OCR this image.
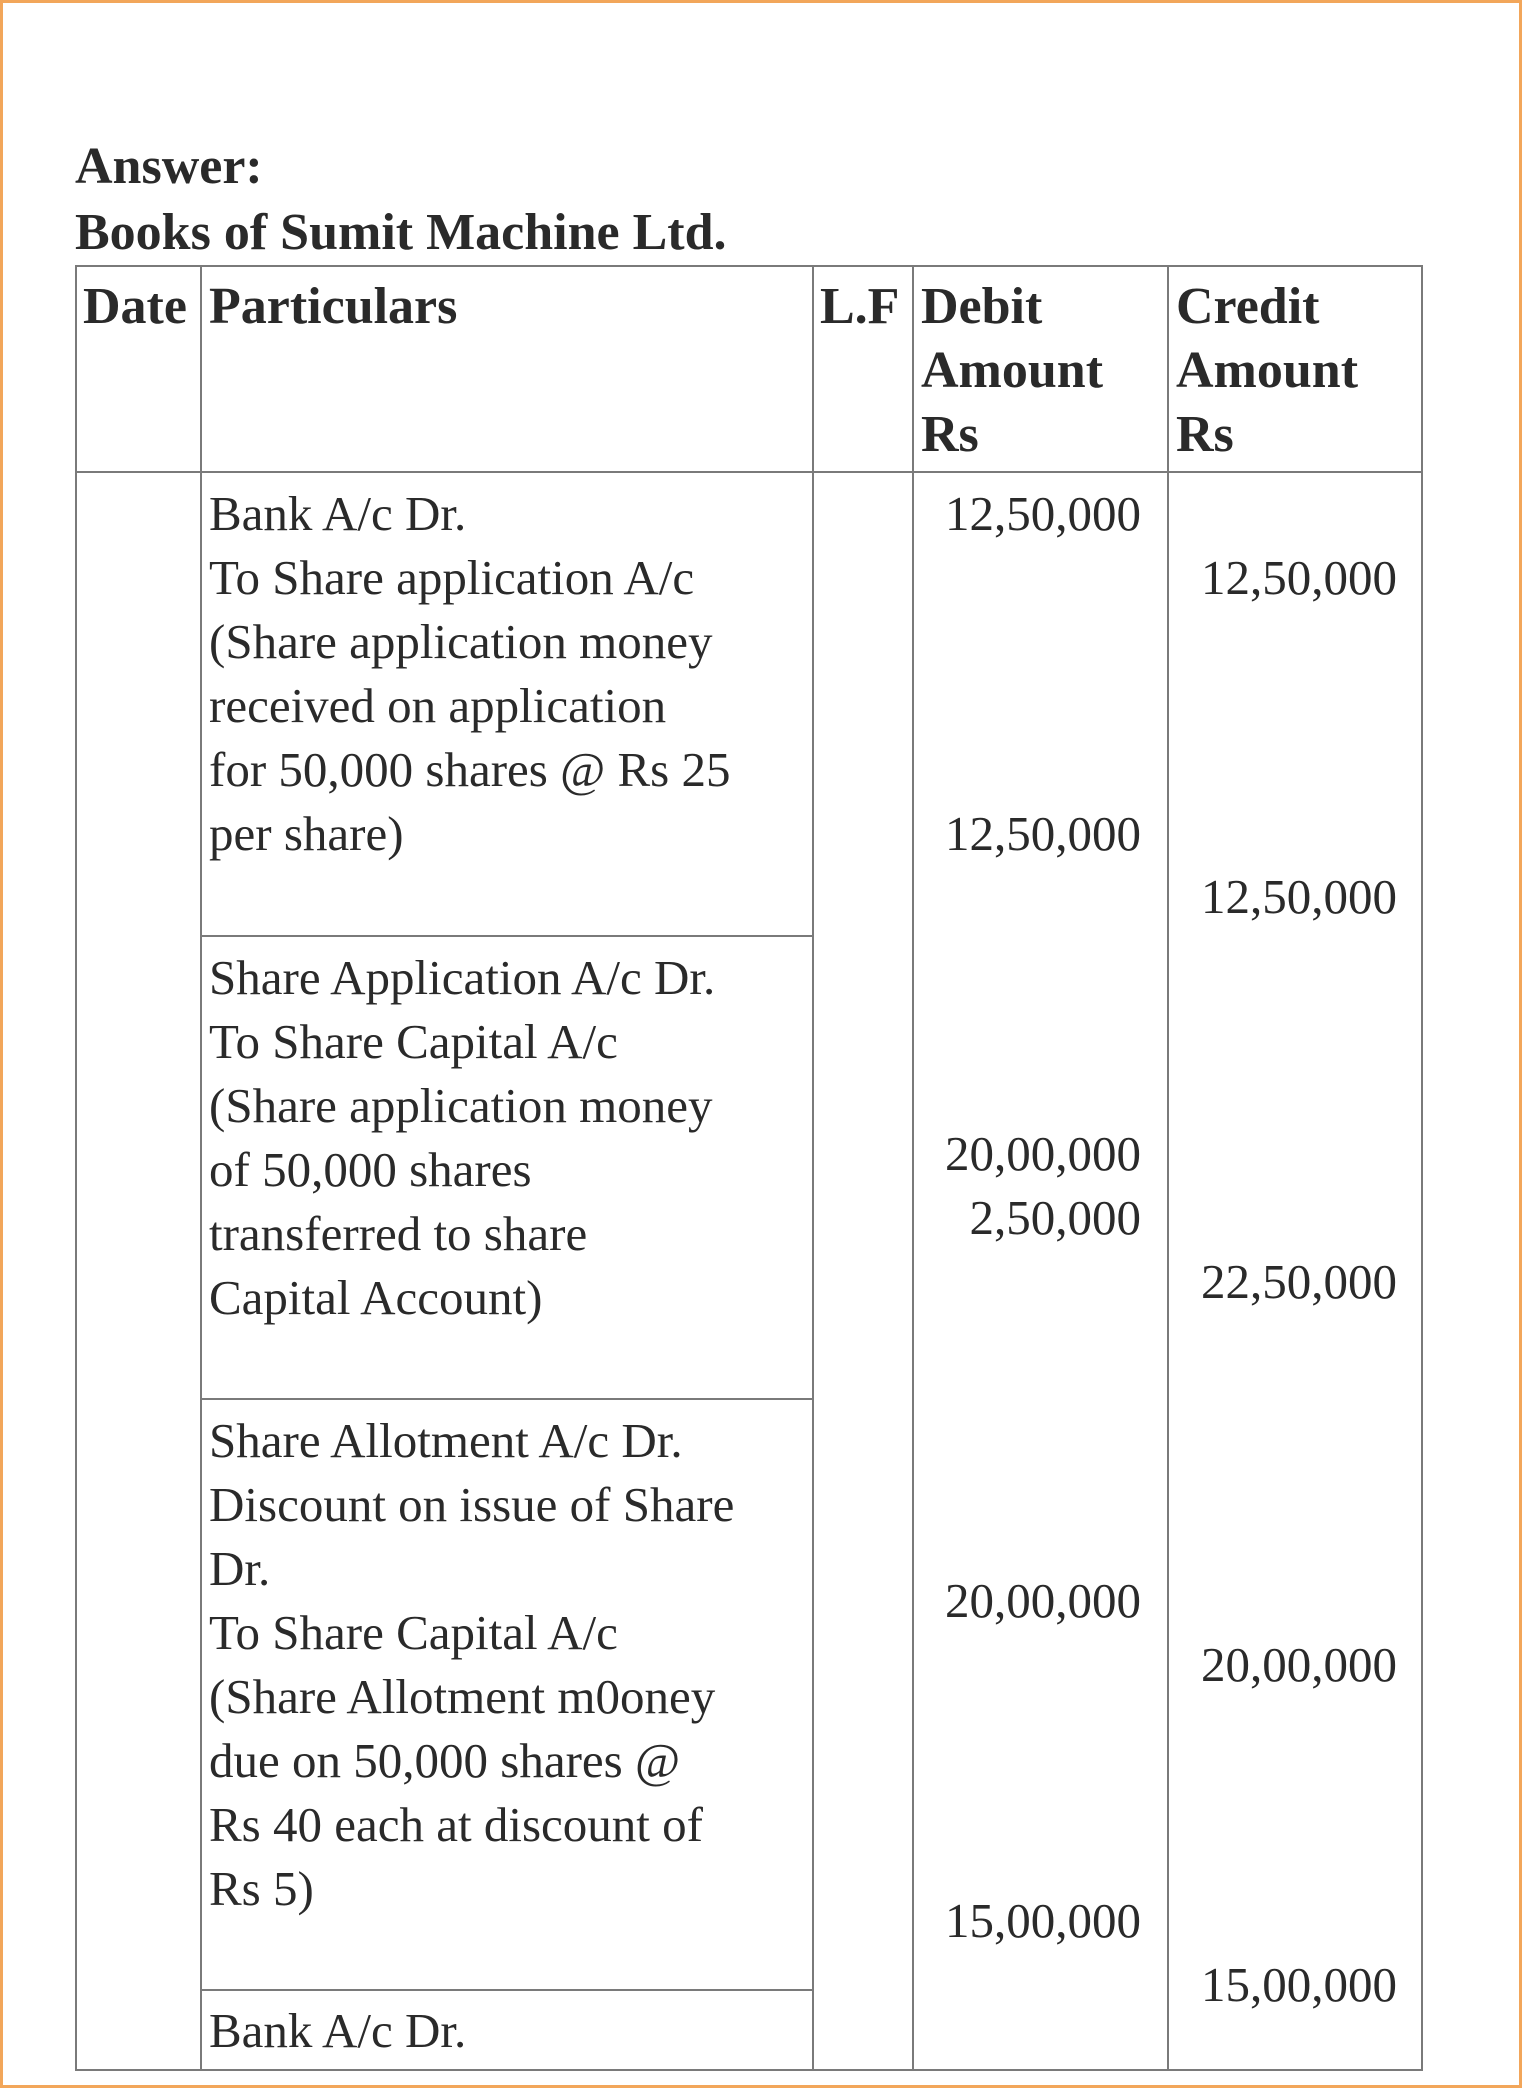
Answer:
Books of Sumit Machine Ltd.
Date Particulars	L.F Debit
Amount
Rs
Credit
Amount
Rs
Bank A/c Dr.
To Share application A/c
(Share application money
received on application
for 50,000 shares @ Rs 25
per share)
Share Application A/c Dr.
To Share Capital A/c
(Share application money
of 50,000 shares
transferred to share
Capital Account)
Share Allotment A/c Dr.
Discount on issue of Share
Dr.
To Share Capital A/c
(Share Allotment m0oney
due on 50,000 shares @
Rs 40 each at discount of
Rs 5)
Bank A/c Dr.
12,50,000
12,50,000
20,00,000
2,50,000
20,00,000
15,00,000
12,50,000
12,50,000
22,50,000
20,00,000
15,00,000
